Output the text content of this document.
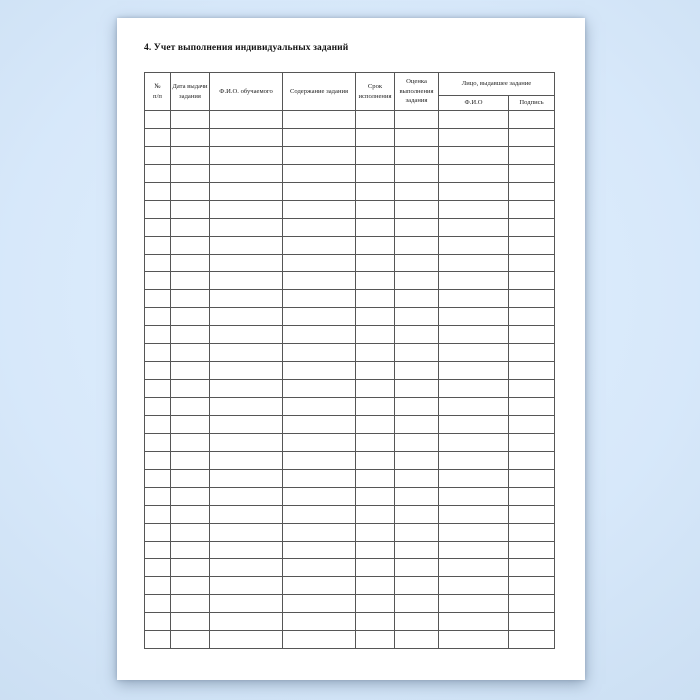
4. Учет выполнения индивидуальных заданий
№ п/п	Дата выдачи задания	Ф.И.О. обучаемого	Содержание задания	Срок исполнения	Оценка выполнения задания	Лицо, выдавшее задание	
						Ф.И.О	Подпись
